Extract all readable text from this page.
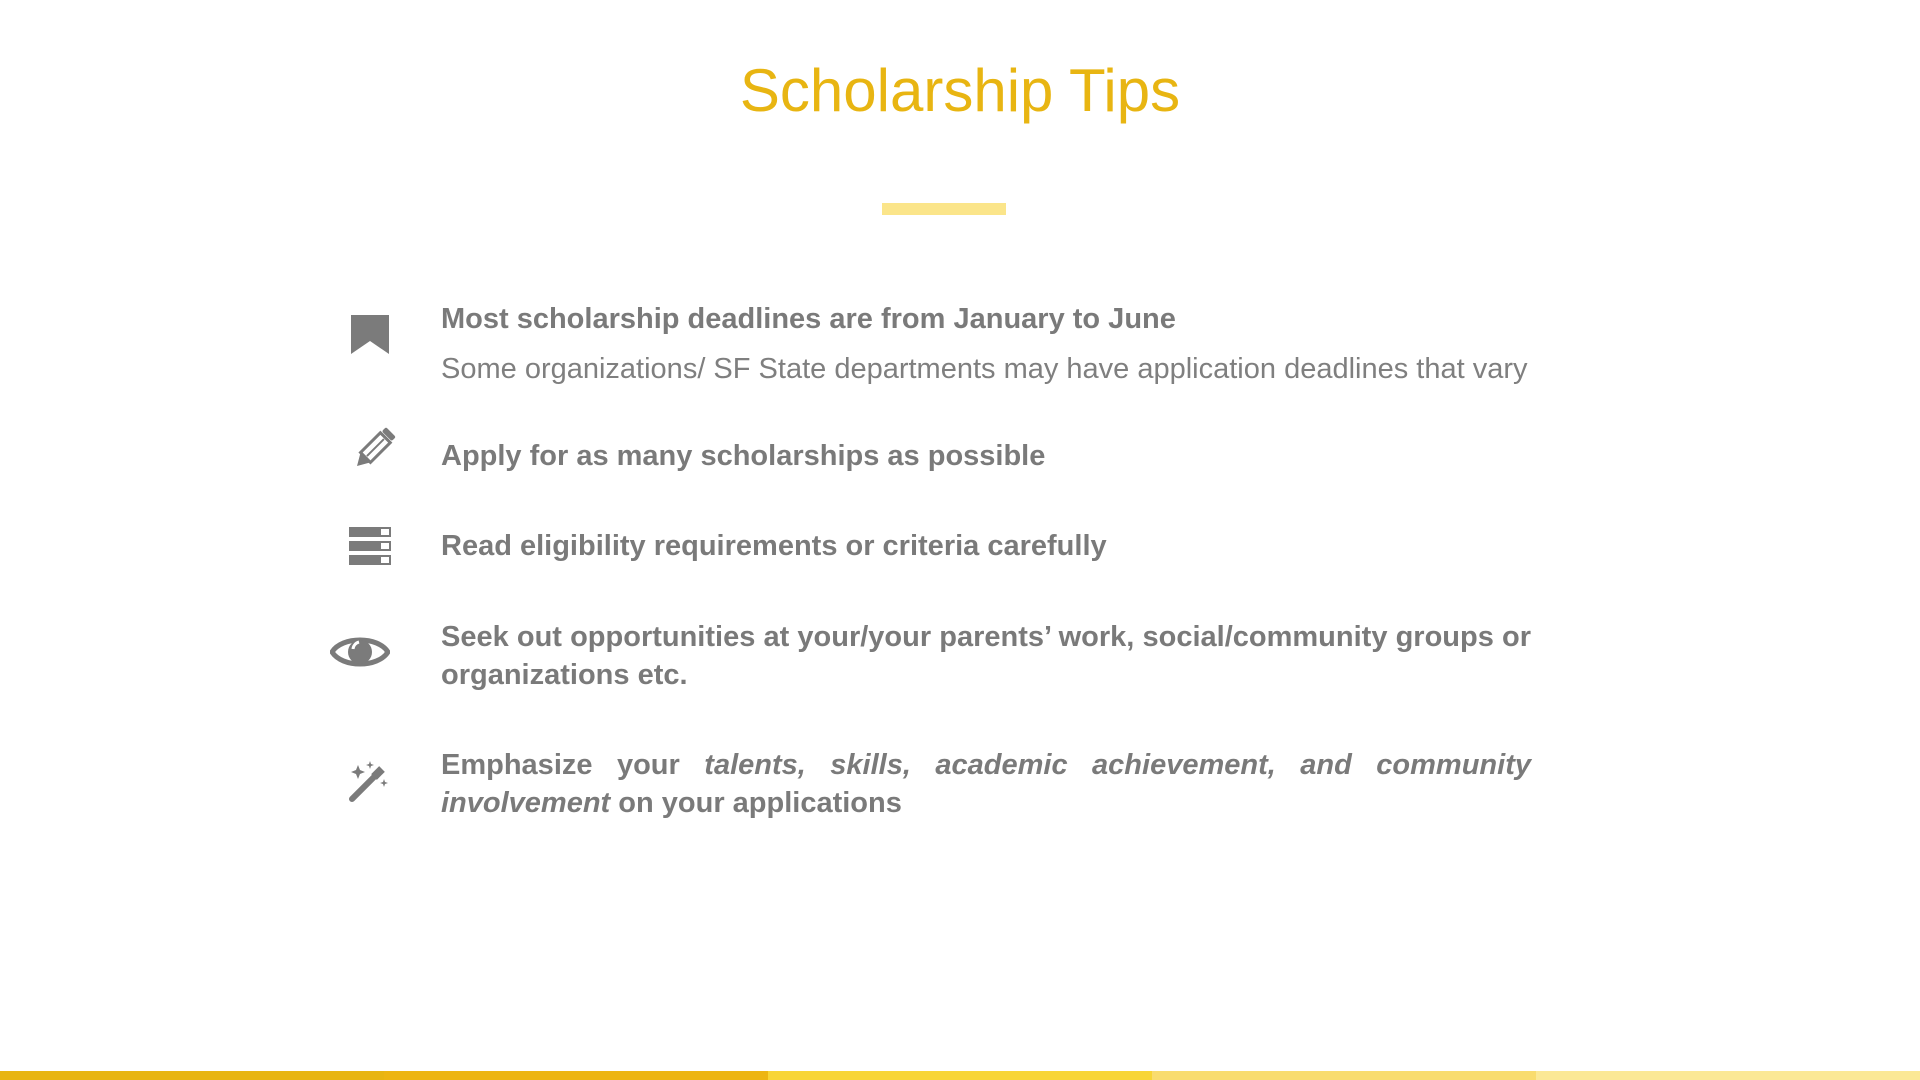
Scholarship Tips

Most scholarship deadlines are from January to June

Some organizations/ SF State departments may have application deadlines that vary

Apply for as many scholarships as possible

Read eligibility requirements or criteria carefully

Seek out opportunities at your/your parents’ work, social/community groups or organizations etc.

Emphasize your talents, skills, academic achievement, and community involvement on your applications
